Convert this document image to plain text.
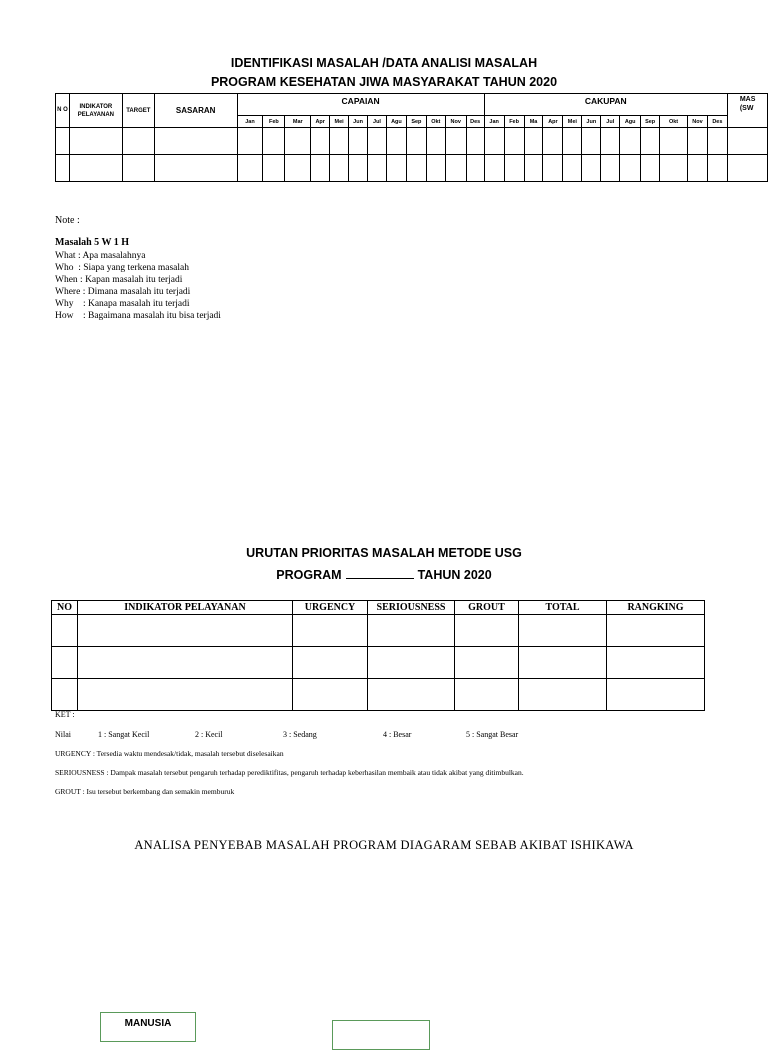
IDENTIFIKASI MASALAH /DATA ANALISI MASALAH
PROGRAM KESEHATAN JIWA MASYARAKAT TAHUN 2020
N O	INDIKATOR PELAYANAN	TARGET	SASARAN	CAPAIAN												CAKUPAN												MAS (SW
				Jan	Feb	Mar	Apr	Mei	Jun	Jul	Agu	Sep	Okt	Nov	Des	Jan	Feb	Ma	Apr	Mei	Jun	Jul	Agu	Sep	Okt	Nov	Des	

Note :
Masalah 5 W 1 H
What : Apa masalahnya
Who  : Siapa yang terkena masalah
When : Kapan masalah itu terjadi
Where : Dimana masalah itu terjadi
Why    : Kanapa masalah itu terjadi
How    : Bagaimana masalah itu bisa terjadi
URUTAN PRIORITAS MASALAH METODE USG
PROGRAM	TAHUN 2020
NO	INDIKATOR PELAYANAN	URGENCY	SERIOUSNESS	GROUT	TOTAL	RANGKING

KET :
Nilai	1 : Sangat Kecil	2 : Kecil	3 : Sedang	4 : Besar	5 : Sangat Besar
URGENCY : Tersedia waktu mendesak/tidak, masalah tersebut diselesaikan
SERIOUSNESS : Dampak masalah tersebut pengaruh terhadap perediktifitas, pengaruh terhadap keberhasilan membaik atau tidak akibat yang ditimbulkan.
GROUT : Isu tersebut berkembang dan semakin memburuk
ANALISA PENYEBAB MASALAH PROGRAM DIAGARAM SEBAB AKIBAT ISHIKAWA
MANUSIA
